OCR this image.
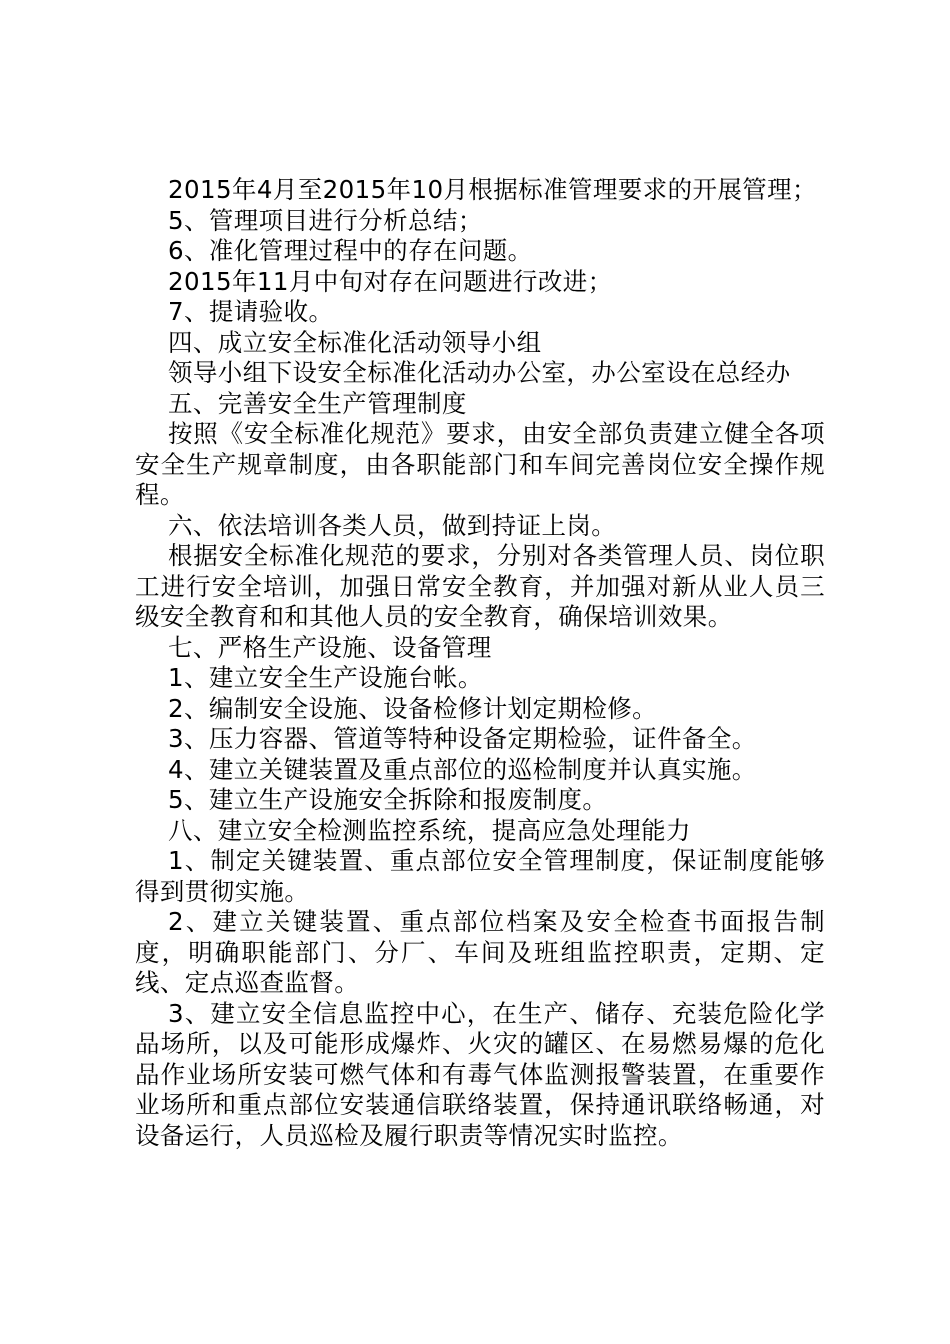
2015年4月至2015年10月根据标准管理要求的开展管理；

5、管理项目进行分析总结；

6、准化管理过程中的存在问题。

2015年11月中旬对存在问题进行改进；

7、提请验收。

四、成立安全标准化活动领导小组

领导小组下设安全标准化活动办公室，办公室设在总经办

五、完善安全生产管理制度

按照《安全标准化规范》要求，由安全部负责建立健全各项安全生产规章制度，由各职能部门和车间完善岗位安全操作规程。

六、依法培训各类人员，做到持证上岗。

根据安全标准化规范的要求，分别对各类管理人员、岗位职工进行安全培训，加强日常安全教育，并加强对新从业人员三级安全教育和和其他人员的安全教育，确保培训效果。

七、严格生产设施、设备管理

1、建立安全生产设施台帐。

2、编制安全设施、设备检修计划定期检修。

3、压力容器、管道等特种设备定期检验，证件备全。

4、建立关键装置及重点部位的巡检制度并认真实施。

5、建立生产设施安全拆除和报废制度。

八、建立安全检测监控系统，提高应急处理能力

1、制定关键装置、重点部位安全管理制度，保证制度能够得到贯彻实施。

2、建立关键装置、重点部位档案及安全检查书面报告制度，明确职能部门、分厂、车间及班组监控职责，定期、定线、定点巡查监督。

3、建立安全信息监控中心，在生产、储存、充装危险化学品场所，以及可能形成爆炸、火灾的罐区、在易燃易爆的危化品作业场所安装可燃气体和有毒气体监测报警装置，在重要作业场所和重点部位安装通信联络装置，保持通讯联络畅通，对设备运行，人员巡检及履行职责等情况实时监控。
